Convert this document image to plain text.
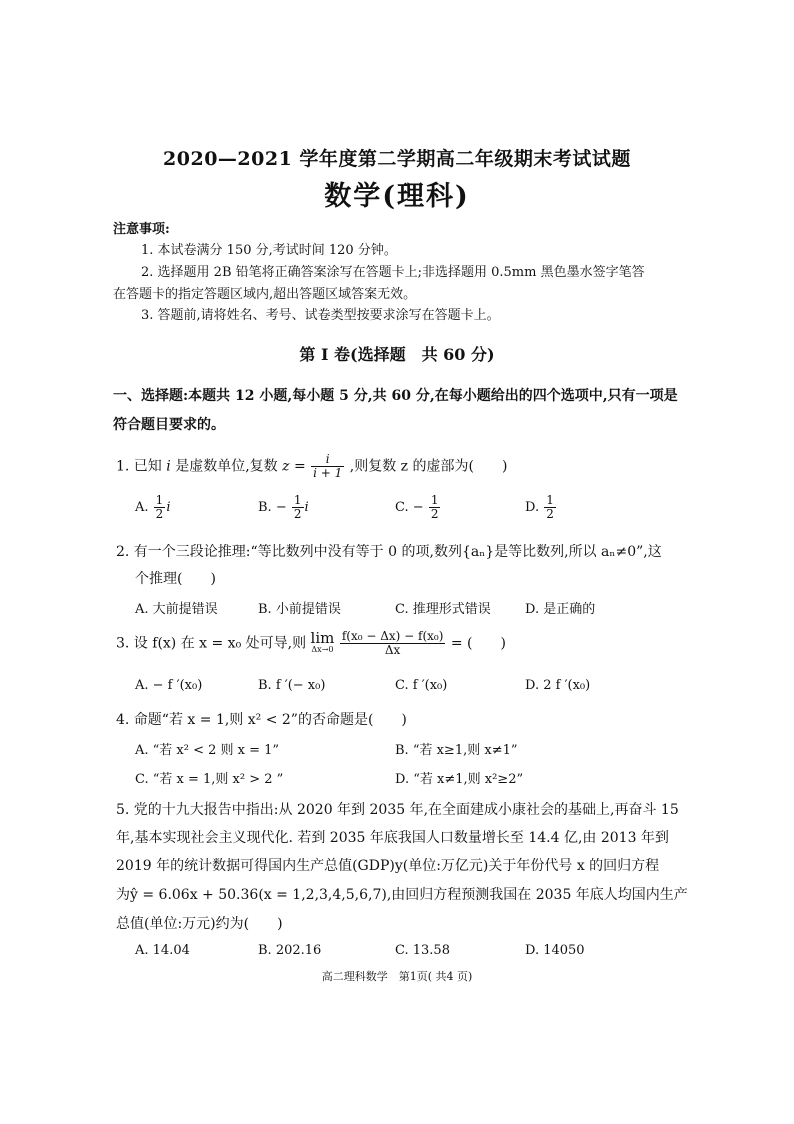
2020—2021 学年度第二学期高二年级期末考试试题
数学(理科)
注意事项:
1. 本试卷满分 150 分,考试时间 120 分钟。
2. 选择题用 2B 铅笔将正确答案涂写在答题卡上;非选择题用 0.5mm 黑色墨水签字笔答
在答题卡的指定答题区域内,超出答题区域答案无效。
3. 答题前,请将姓名、考号、试卷类型按要求涂写在答题卡上。
第 I 卷(选择题　共 60 分)
一、选择题:本题共 12 小题,每小题 5 分,共 60 分,在每小题给出的四个选项中,只有一项是
符合题目要求的。
1. 已知 i 是虚数单位,复数 $z = \frac{i}{i + 1}$ ,则复数 z 的虚部为(　　)
A. $\frac{1}{2}$ i	B. − $\frac{1}{2}$ i	C. − $\frac{1}{2}$	D. $\frac{1}{2}$
2. 有一个三段论推理:“等比数列中没有等于 0 的项,数列{aₙ}是等比数列,所以 aₙ≠0”,这
个推理(　　)
A. 大前提错误	B. 小前提错误	C. 推理形式错误	D. 是正确的
3. 设 f(x) 在 x = x₀ 处可导,则 lim
Δx→0
$\frac{\text{f(x₀ − Δx) − f(x₀)}}{\Delta x}$ = (　　)
A. − f ′(x₀)	B. f ′(− x₀)	C. f ′(x₀)	D. 2 f ′(x₀)
4. 命题“若 x = 1,则 x² < 2”的否命题是(　　)
A. “若 x² < 2 则 x = 1”	B. “若 x≥1,则 x≠1”
C. “若 x = 1,则 x² > 2 ”	D. “若 x≠1,则 x²≥2”
5. 党的十九大报告中指出:从 2020 年到 2035 年,在全面建成小康社会的基础上,再奋斗 15
年,基本实现社会主义现代化. 若到 2035 年底我国人口数量增长至 14.4 亿,由 2013 年到
2019 年的统计数据可得国内生产总值(GDP)y(单位:万亿元)关于年份代号 x 的回归方程
为ŷ = 6.06x + 50.36(x = 1,2,3,4,5,6,7),由回归方程预测我国在 2035 年底人均国内生产
总值(单位:万元)约为(　　)
A. 14.04	B. 202.16	C. 13.58	D. 14050
高二理科数学　第1页( 共4 页)
